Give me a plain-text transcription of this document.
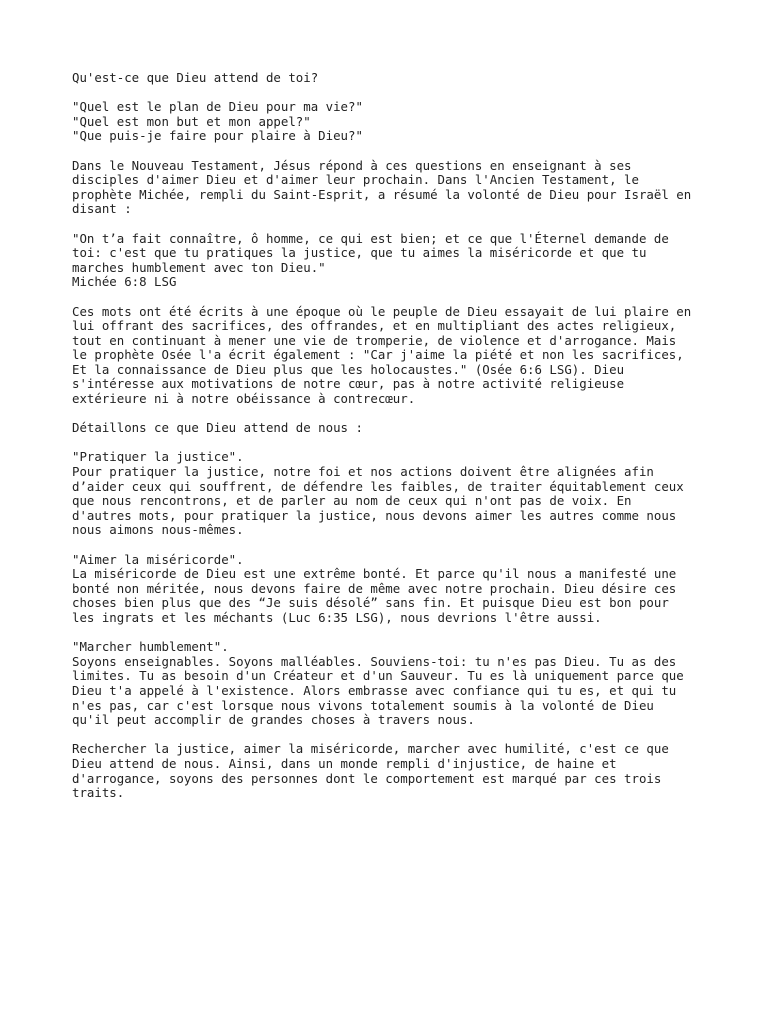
Qu'est-ce que Dieu attend de toi?
"Quel est le plan de Dieu pour ma vie?"
"Quel est mon but et mon appel?"
"Que puis-je faire pour plaire à Dieu?"
Dans le Nouveau Testament, Jésus répond à ces questions en enseignant à ses
disciples d'aimer Dieu et d'aimer leur prochain. Dans l'Ancien Testament, le
prophète Michée, rempli du Saint-Esprit, a résumé la volonté de Dieu pour Israël en
disant :
"On t’a fait connaître, ô homme, ce qui est bien; et ce que l'Éternel demande de
toi: c'est que tu pratiques la justice, que tu aimes la miséricorde et que tu
marches humblement avec ton Dieu."
Michée 6:8 LSG
Ces mots ont été écrits à une époque où le peuple de Dieu essayait de lui plaire en
lui offrant des sacrifices, des offrandes, et en multipliant des actes religieux,
tout en continuant à mener une vie de tromperie, de violence et d'arrogance. Mais
le prophète Osée l'a écrit également : "Car j'aime la piété et non les sacrifices,
Et la connaissance de Dieu plus que les holocaustes." (Osée 6:6 LSG). Dieu
s'intéresse aux motivations de notre cœur, pas à notre activité religieuse
extérieure ni à notre obéissance à contrecœur.
Détaillons ce que Dieu attend de nous :
"Pratiquer la justice".
Pour pratiquer la justice, notre foi et nos actions doivent être alignées afin
d’aider ceux qui souffrent, de défendre les faibles, de traiter équitablement ceux
que nous rencontrons, et de parler au nom de ceux qui n'ont pas de voix. En
d'autres mots, pour pratiquer la justice, nous devons aimer les autres comme nous
nous aimons nous-mêmes.
"Aimer la miséricorde".
La miséricorde de Dieu est une extrême bonté. Et parce qu'il nous a manifesté une
bonté non méritée, nous devons faire de même avec notre prochain. Dieu désire ces
choses bien plus que des “Je suis désolé” sans fin. Et puisque Dieu est bon pour
les ingrats et les méchants (Luc 6:35 LSG), nous devrions l'être aussi.
"Marcher humblement".
Soyons enseignables. Soyons malléables. Souviens-toi: tu n'es pas Dieu. Tu as des
limites. Tu as besoin d'un Créateur et d'un Sauveur. Tu es là uniquement parce que
Dieu t'a appelé à l'existence. Alors embrasse avec confiance qui tu es, et qui tu
n'es pas, car c'est lorsque nous vivons totalement soumis à la volonté de Dieu
qu'il peut accomplir de grandes choses à travers nous.
Rechercher la justice, aimer la miséricorde, marcher avec humilité, c'est ce que
Dieu attend de nous. Ainsi, dans un monde rempli d'injustice, de haine et
d'arrogance, soyons des personnes dont le comportement est marqué par ces trois
traits.
